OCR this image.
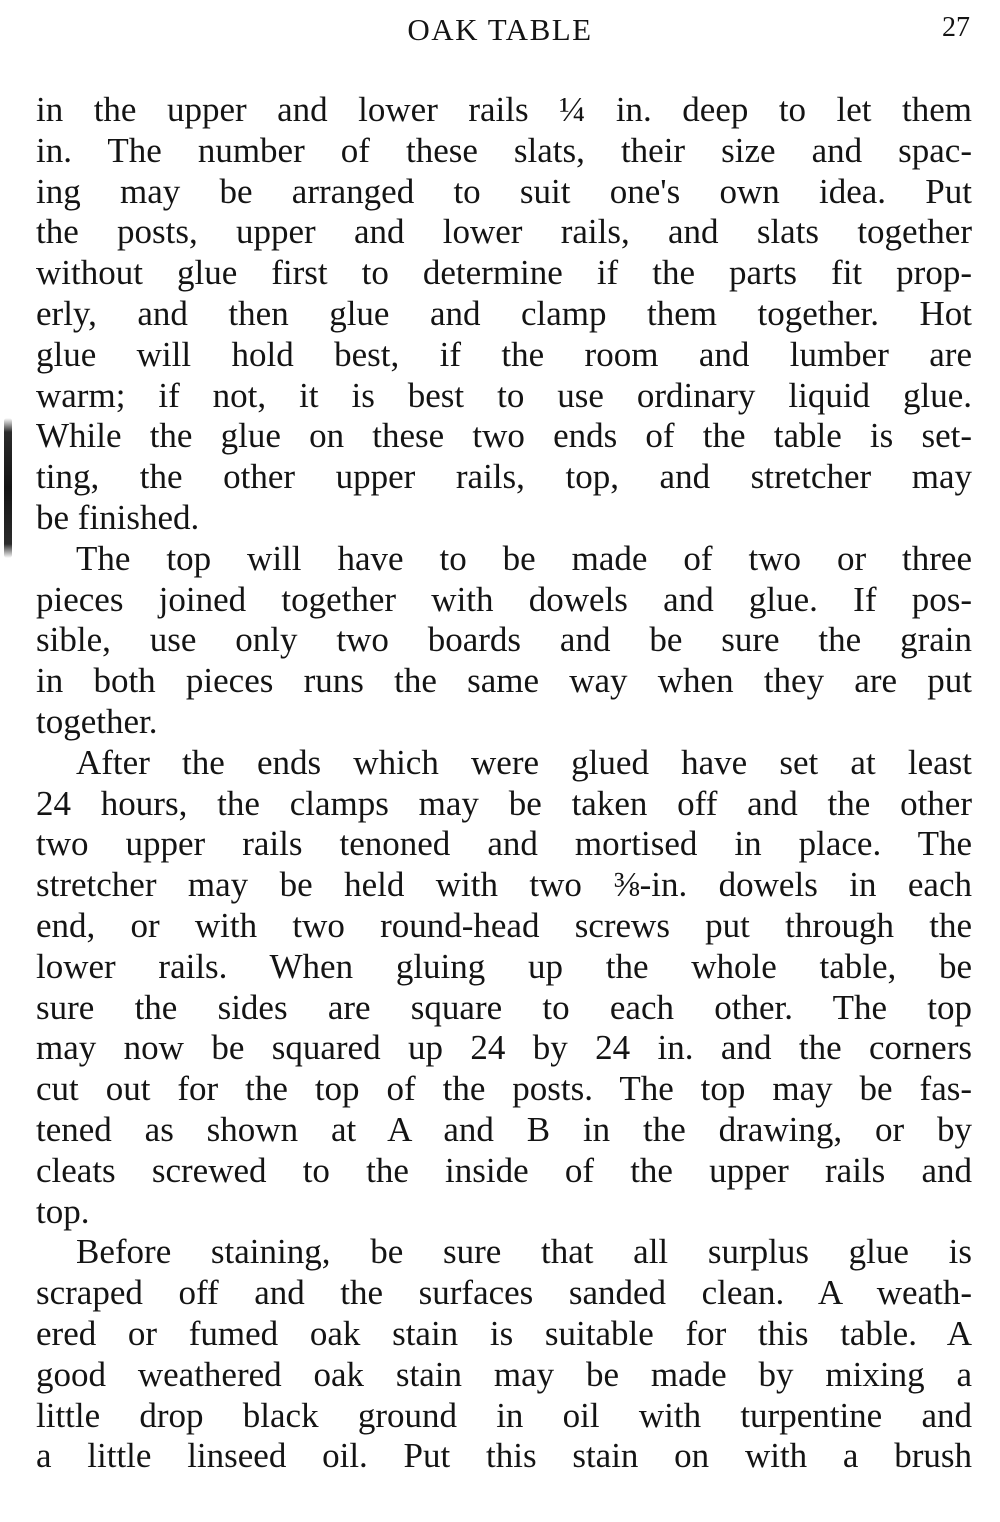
OAK TABLE	27
in the upper and lower rails ¼ in. deep to let them
in. The number of these slats, their size and spac-
ing may be arranged to suit one's own idea. Put
the posts, upper and lower rails, and slats together
without glue first to determine if the parts fit prop-
erly, and then glue and clamp them together. Hot
glue will hold best, if the room and lumber are
warm; if not, it is best to use ordinary liquid glue.
While the glue on these two ends of the table is set-
ting, the other upper rails, top, and stretcher may
be finished.
The top will have to be made of two or three
pieces joined together with dowels and glue. If pos-
sible, use only two boards and be sure the grain
in both pieces runs the same way when they are put
together.
After the ends which were glued have set at least
24 hours, the clamps may be taken off and the other
two upper rails tenoned and mortised in place. The
stretcher may be held with two ⅜-in. dowels in each
end, or with two round-head screws put through the
lower rails. When gluing up the whole table, be
sure the sides are square to each other. The top
may now be squared up 24 by 24 in. and the corners
cut out for the top of the posts. The top may be fas-
tened as shown at A and B in the drawing, or by
cleats screwed to the inside of the upper rails and
top.
Before staining, be sure that all surplus glue is
scraped off and the surfaces sanded clean. A weath-
ered or fumed oak stain is suitable for this table. A
good weathered oak stain may be made by mixing a
little drop black ground in oil with turpentine and
a little linseed oil. Put this stain on with a brush
